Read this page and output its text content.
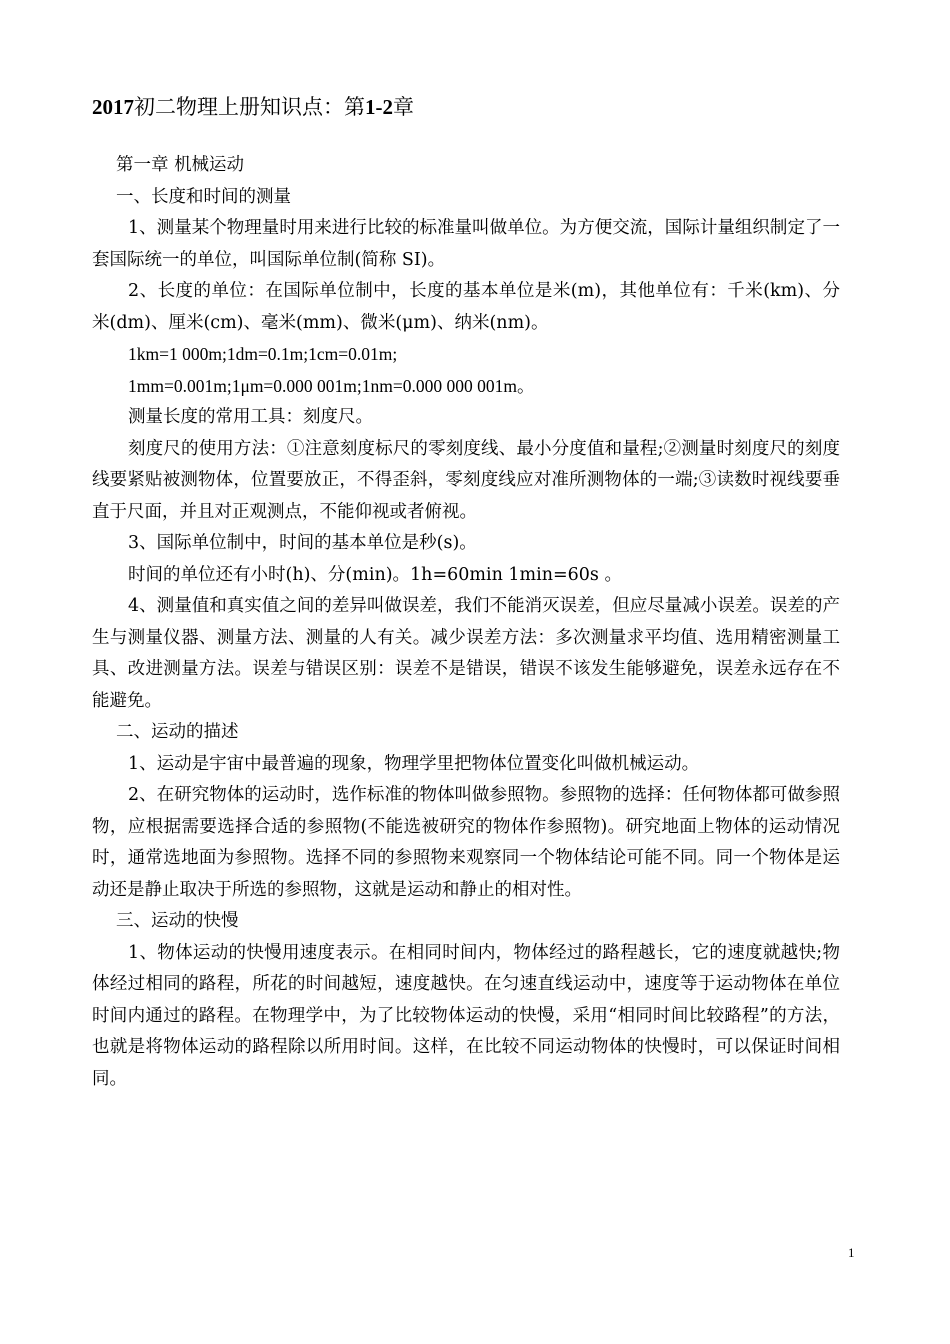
2017初二物理上册知识点：第1-2章

第一章 机械运动

一、长度和时间的测量

1、测量某个物理量时用来进行比较的标准量叫做单位。为方便交流，国际计量组织制定了一套国际统一的单位，叫国际单位制(简称 SI)。

2、长度的单位：在国际单位制中，长度的基本单位是米(m)，其他单位有：千米(km)、分米(dm)、厘米(cm)、毫米(mm)、微米(μm)、纳米(nm)。

1km=1 000m;1dm=0.1m;1cm=0.01m;

1mm=0.001m;1μm=0.000 001m;1nm=0.000 000 001m。

测量长度的常用工具：刻度尺。

刻度尺的使用方法：①注意刻度标尺的零刻度线、最小分度值和量程;②测量时刻度尺的刻度线要紧贴被测物体，位置要放正，不得歪斜，零刻度线应对准所测物体的一端;③读数时视线要垂直于尺面，并且对正观测点，不能仰视或者俯视。

3、国际单位制中，时间的基本单位是秒(s)。

时间的单位还有小时(h)、分(min)。1h=60min 1min=60s 。

4、测量值和真实值之间的差异叫做误差，我们不能消灭误差，但应尽量减小误差。误差的产生与测量仪器、测量方法、测量的人有关。减少误差方法：多次测量求平均值、选用精密测量工具、改进测量方法。误差与错误区别：误差不是错误，错误不该发生能够避免，误差永远存在不能避免。

二、运动的描述

1、运动是宇宙中最普遍的现象，物理学里把物体位置变化叫做机械运动。

2、在研究物体的运动时，选作标准的物体叫做参照物。参照物的选择：任何物体都可做参照物，应根据需要选择合适的参照物(不能选被研究的物体作参照物)。研究地面上物体的运动情况时，通常选地面为参照物。选择不同的参照物来观察同一个物体结论可能不同。同一个物体是运动还是静止取决于所选的参照物，这就是运动和静止的相对性。

三、运动的快慢

1、物体运动的快慢用速度表示。在相同时间内，物体经过的路程越长，它的速度就越快;物体经过相同的路程，所花的时间越短，速度越快。在匀速直线运动中，速度等于运动物体在单位时间内通过的路程。在物理学中，为了比较物体运动的快慢，采用“相同时间比较路程”的方法，也就是将物体运动的路程除以所用时间。这样，在比较不同运动物体的快慢时，可以保证时间相同。

1
